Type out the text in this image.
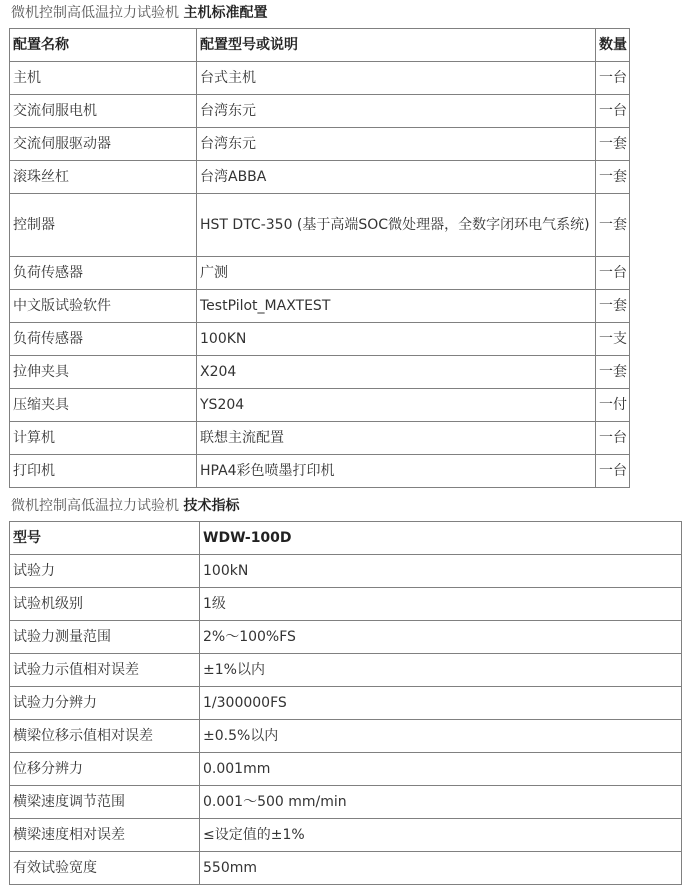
微机控制高低温拉力试验机 主机标准配置
配置名称	配置型号或说明	数量
主机	台式主机	一台
交流伺服电机	台湾东元	一台
交流伺服驱动器	台湾东元	一套
滚珠丝杠	台湾ABBA	一套
控制器	HST DTC-350 (基于高端SOC微处理器，全数字闭环电气系统)	一套
负荷传感器	广测	一台
中文版试验软件	TestPilot_MAXTEST	一套
负荷传感器	100KN	一支
拉伸夹具	X204	一套
压缩夹具	YS204	一付
计算机	联想主流配置	一台
打印机	HPA4彩色喷墨打印机	一台
微机控制高低温拉力试验机 技术指标
型号	WDW-100D
试验力	100kN
试验机级别	1级
试验力测量范围	2%～100%FS
试验力示值相对误差	±1%以内
试验力分辨力	1/300000FS
横梁位移示值相对误差	±0.5%以内
位移分辨力	0.001mm
横梁速度调节范围	0.001～500 mm/min
横梁速度相对误差	≤设定值的±1%
有效试验宽度	550mm
